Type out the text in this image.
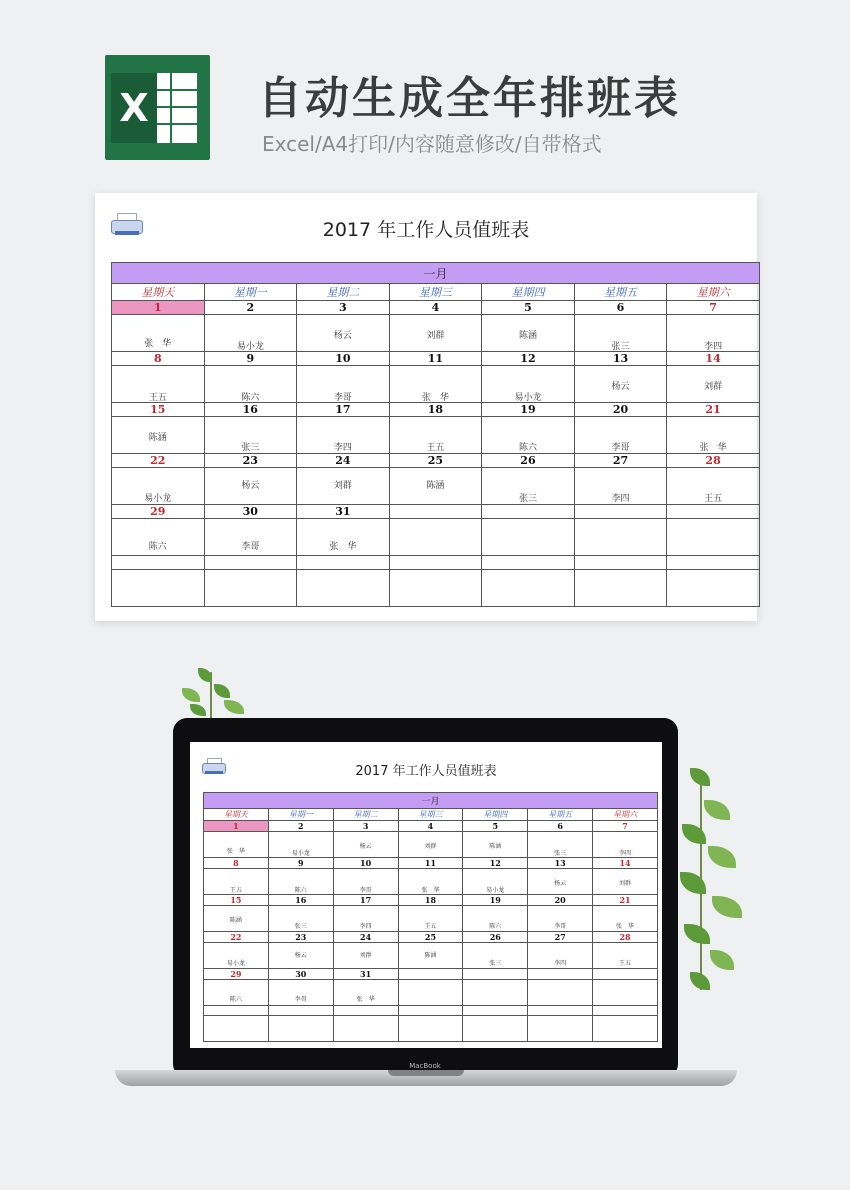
X 自动生成全年排班表
Excel/A4打印/内容随意修改/自带格式
2017 年工作人员值班表
一月						
星期天	星期一	星期二	星期三	星期四	星期五	星期六
1	2	3	4	5	6	7

张　华	易小龙	杨云	刘群	陈涵	张三	李四

8	9	10	11	12	13	14

王五	陈六	李哥	张　华	易小龙	杨云	刘群

15	16	17	18	19	20	21

陈涵	张三	李四	王五	陈六	李哥	张　华

22	23	24	25	26	27	28

易小龙	杨云	刘群	陈涵	张三	李四	王五

29	30	31				

陈六	李哥	张　华				

2017 年工作人员值班表
一月						
星期天	星期一	星期二	星期三	星期四	星期五	星期六
1	2	3	4	5	6	7

张　华	易小龙	杨云	刘群	陈涵	张三	李四

8	9	10	11	12	13	14

王五	陈六	李哥	张　华	易小龙	杨云	刘群

15	16	17	18	19	20	21

陈涵	张三	李四	王五	陈六	李哥	张　华

22	23	24	25	26	27	28

易小龙	杨云	刘群	陈涵	张三	李四	王五

29	30	31				

陈六	李哥	张　华				

MacBook
